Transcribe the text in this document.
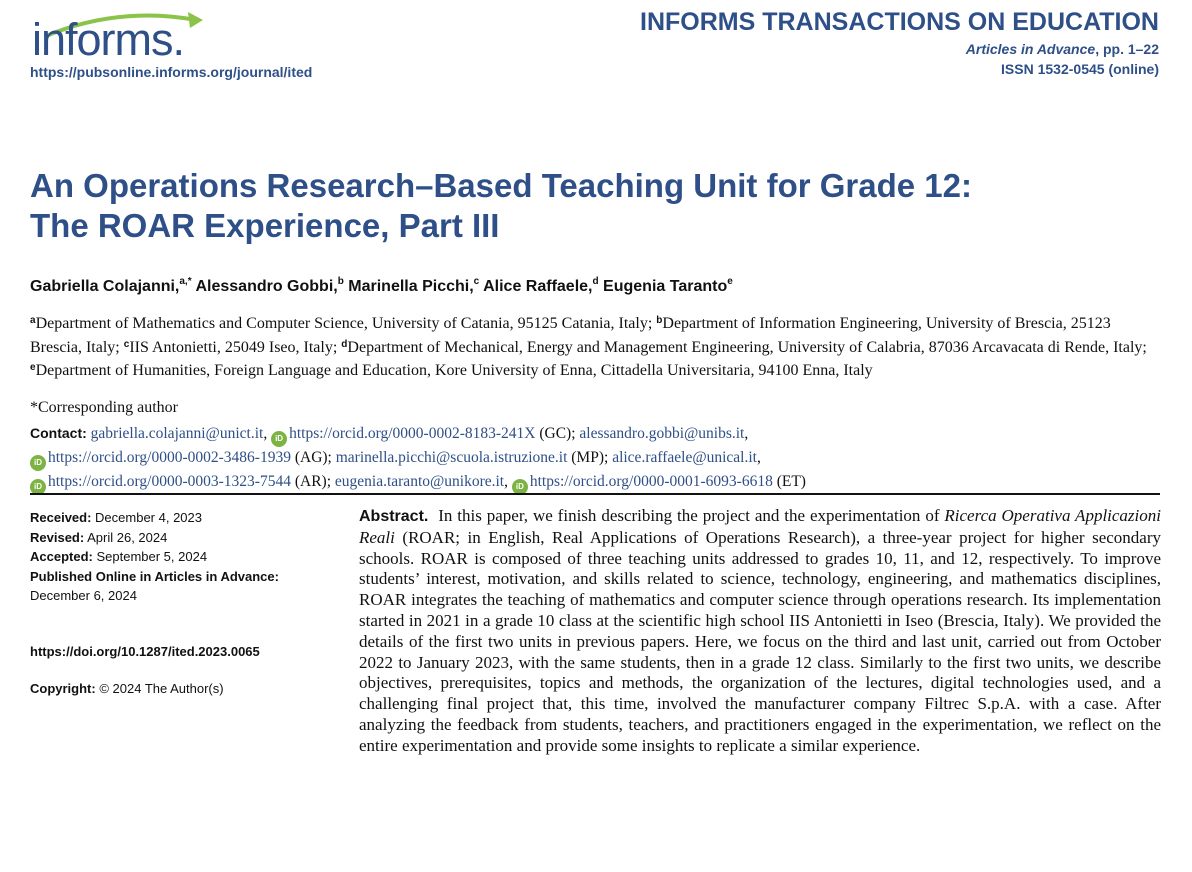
informs.
https://pubsonline.informs.org/journal/ited
INFORMS TRANSACTIONS ON EDUCATION
Articles in Advance, pp. 1–22
ISSN 1532-0545 (online)
An Operations Research–Based Teaching Unit for Grade 12:
The ROAR Experience, Part III
Gabriella Colajanni,$^{a,*}$ Alessandro Gobbi,$^b$ Marinella Picchi,$^c$ Alice Raffaele,$^d$ Eugenia Taranto$^e$
$^a$Department of Mathematics and Computer Science, University of Catania, 95125 Catania, Italy; $^b$Department of Information Engineering, University of Brescia, 25123 Brescia, Italy; $^c$IIS Antonietti, 25049 Iseo, Italy; $^d$Department of Mechanical, Energy and Management Engineering, University of Calabria, 87036 Arcavacata di Rende, Italy; $^e$Department of Humanities, Foreign Language and Education, Kore University of Enna, Cittadella Universitaria, 94100 Enna, Italy
*Corresponding author
Contact: gabriella.colajanni@unict.it, iD https://orcid.org/0000-0002-8183-241X (GC); alessandro.gobbi@unibs.it,
iD https://orcid.org/0000-0002-3486-1939 (AG); marinella.picchi@scuola.istruzione.it (MP); alice.raffaele@unical.it,
iD https://orcid.org/0000-0003-1323-7544 (AR); eugenia.taranto@unikore.it, iD https://orcid.org/0000-0001-6093-6618 (ET)
Received: December 4, 2023
Revised: April 26, 2024
Accepted: September 5, 2024
Published Online in Articles in Advance:
December 6, 2024
https://doi.org/10.1287/ited.2023.0065
Copyright: © 2024 The Author(s)
Abstract. In this paper, we finish describing the project and the experimentation of Ricerca Operativa Applicazioni Reali (ROAR; in English, Real Applications of Operations Research), a three-year project for higher secondary schools. ROAR is composed of three teaching units addressed to grades 10, 11, and 12, respectively. To improve students’ interest, motivation, and skills related to science, technology, engineering, and mathematics disciplines, ROAR integrates the teaching of mathematics and computer science through operations research. Its implementation started in 2021 in a grade 10 class at the scientific high school IIS Antonietti in Iseo (Brescia, Italy). We provided the details of the first two units in previous papers. Here, we focus on the third and last unit, carried out from October 2022 to January 2023, with the same students, then in a grade 12 class. Similarly to the first two units, we describe objectives, prerequisites, topics and methods, the organization of the lectures, digital technologies used, and a challenging final project that, this time, involved the manufacturer company Filtrec S.p.A. with a case. After analyzing the feedback from students, teachers, and practitioners engaged in the experimentation, we reflect on the entire experimentation and provide some insights to replicate a similar experience.
